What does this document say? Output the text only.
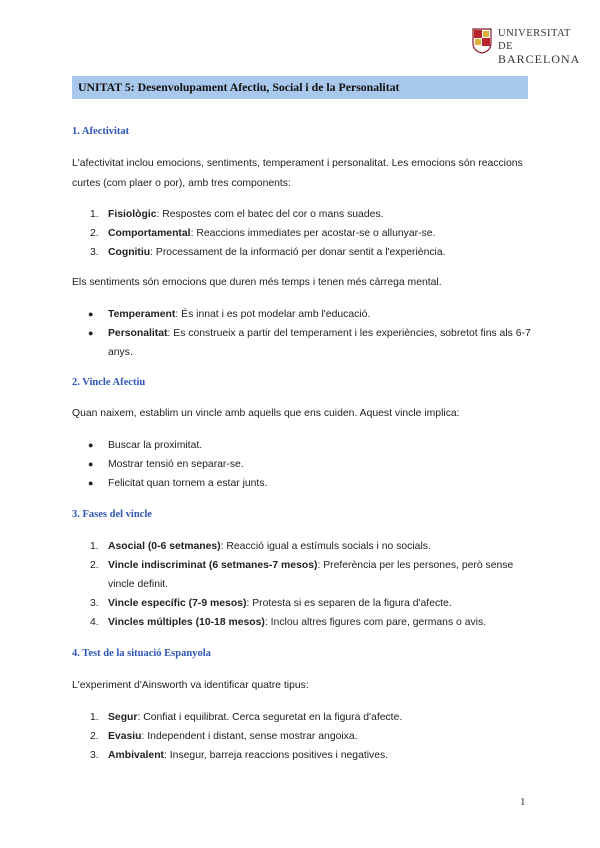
UNIVERSITAT DE
BARCELONA
UNITAT 5: Desenvolupament Afectiu, Social i de la Personalitat
1. Afectivitat
L'afectivitat inclou emocions, sentiments, temperament i personalitat. Les emocions són reaccions curtes (com plaer o por), amb tres components:
1. Fisiològic: Respostes com el batec del cor o mans suades.
2. Comportamental: Reaccions immediates per acostar-se o allunyar-se.
3. Cognitiu: Processament de la informació per donar sentit a l'experiència.
Els sentiments són emocions que duren més temps i tenen més càrrega mental.
● Temperament: És innat i es pot modelar amb l'educació.
● Personalitat: Es construeix a partir del temperament i les experiències, sobretot fins als 6-7 anys.
2. Vincle Afectiu
Quan naixem, establim un vincle amb aquells que ens cuiden. Aquest vincle implica:
● Buscar la proximitat.
● Mostrar tensió en separar-se.
● Felicitat quan tornem a estar junts.
3. Fases del vincle
1. Asocial (0-6 setmanes): Reacció igual a estímuls socials i no socials.
2. Vincle indiscriminat (6 setmanes-7 mesos): Preferència per les persones, però sense vincle definit.
3. Vincle específic (7-9 mesos): Protesta si es separen de la figura d'afecte.
4. Vincles múltiples (10-18 mesos): Inclou altres figures com pare, germans o avis.
4. Test de la situació Espanyola
L'experiment d'Ainsworth va identificar quatre tipus:
1. Segur: Confiat i equilibrat. Cerca seguretat en la figura d'afecte.
2. Evasiu: Independent i distant, sense mostrar angoixa.
3. Ambivalent: Insegur, barreja reaccions positives i negatives.
1
